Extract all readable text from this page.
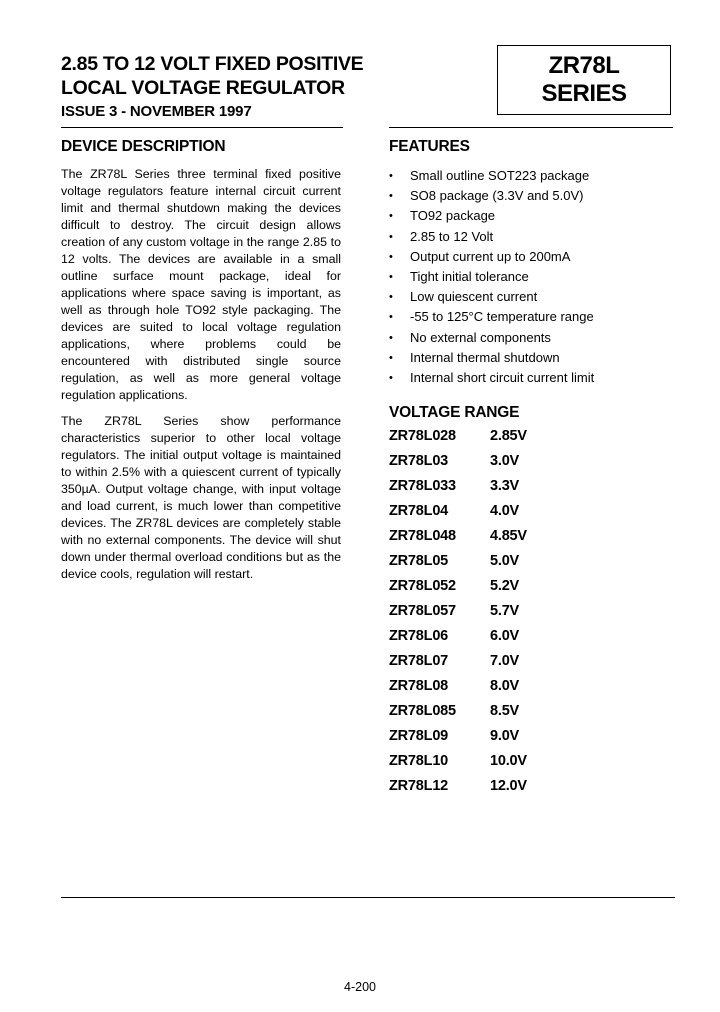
2.85 TO 12 VOLT FIXED POSITIVE
LOCAL VOLTAGE REGULATOR
ISSUE 3 - NOVEMBER 1997
ZR78L
SERIES
DEVICE DESCRIPTION

The ZR78L Series three terminal fixed positive voltage regulators feature internal circuit current limit and thermal shutdown making the devices difficult to destroy. The circuit design allows creation of any custom voltage in the range 2.85 to 12 volts. The devices are available in a small outline surface mount package, ideal for applications where space saving is important, as well as through hole TO92 style packaging. The devices are suited to local voltage regulation applications, where problems could be encountered with distributed single source regulation, as well as more general voltage regulation applications.

The ZR78L Series show performance characteristics superior to other local voltage regulators. The initial output voltage is maintained to within 2.5% with a quiescent current of typically 350µA. Output voltage change, with input voltage and load current, is much lower than competitive devices. The ZR78L devices are completely stable with no external components. The device will shut down under thermal overload conditions but as the device cools, regulation will restart.

FEATURES
• Small outline SOT223 package
• SO8 package (3.3V and 5.0V)
• TO92 package
• 2.85 to 12 Volt
• Output current up to 200mA
• Tight initial tolerance
• Low quiescent current
• -55 to 125°C temperature range
• No external components
• Internal thermal shutdown
• Internal short circuit current limit
VOLTAGE RANGE
ZR78L028	2.85V
ZR78L03	3.0V
ZR78L033	3.3V
ZR78L04	4.0V
ZR78L048	4.85V
ZR78L05	5.0V
ZR78L052	5.2V
ZR78L057	5.7V
ZR78L06	6.0V
ZR78L07	7.0V
ZR78L08	8.0V
ZR78L085	8.5V
ZR78L09	9.0V
ZR78L10	10.0V
ZR78L12	12.0V
4-200
